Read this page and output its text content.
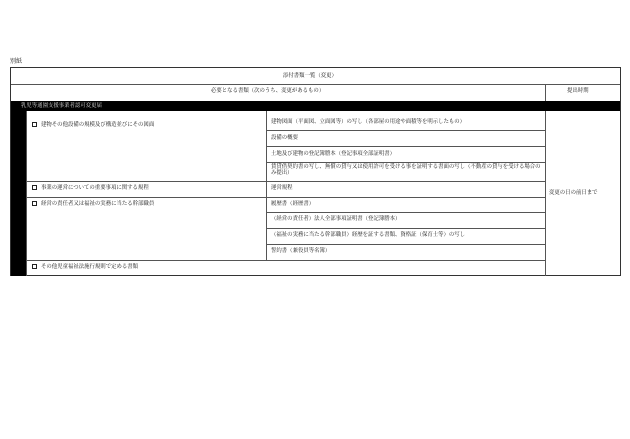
別紙
添付書類一覧（変更）
必要となる書類（次のうち、変更があるもの）	提出時期
乳児等通園支援事業者認可変更届
建物その他設備の規模及び構造並びにその図面	建物図面（平面図、立面図等）の写し（各部屋の用途や面積等を明示したもの）
設備の概要
土地及び建物の登記簿謄本（登記事項全部証明書）
賃貸借契約書の写し、無償の貸与又は使用許可を受ける事を証明する書面の写し（不動産の貸与を受ける場合のみ提出）
事業の運営についての重要事項に関する規程	運営規程
経営の責任者又は福祉の実務に当たる幹部職員	履歴書（経歴書）
（経営の責任者）法人全部事項証明書（登記簿謄本）
（福祉の実務に当たる幹部職員）経歴を証する書類、資格証（保育士等）の写し
誓約書（兼役員等名簿）
その他児童福祉法施行規則で定める書類
変更の日の前日まで
